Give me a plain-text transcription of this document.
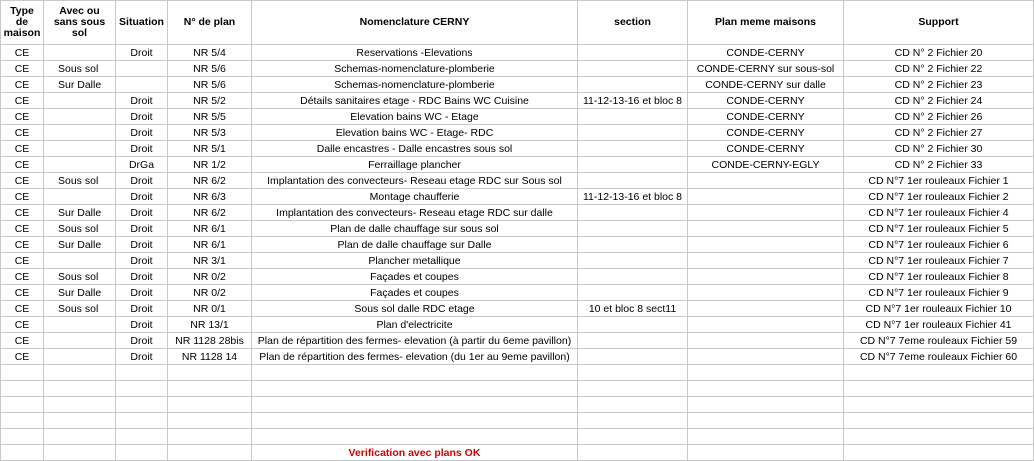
Type de maison	Avec ou sans sous sol	Situation	N° de plan	Nomenclature CERNY	section	Plan meme maisons	Support
CE		Droit	NR 5/4	Reservations -Elevations		CONDE-CERNY	CD N° 2 Fichier 20
CE	Sous sol		NR 5/6	Schemas-nomenclature-plomberie		CONDE-CERNY sur sous-sol	CD N° 2 Fichier 22
CE	Sur Dalle		NR 5/6	Schemas-nomenclature-plomberie		CONDE-CERNY sur dalle	CD N° 2 Fichier 23
CE		Droit	NR 5/2	Détails sanitaires etage - RDC Bains WC Cuisine	11-12-13-16 et bloc 8	CONDE-CERNY	CD N° 2 Fichier 24
CE		Droit	NR 5/5	Elevation bains WC - Etage		CONDE-CERNY	CD N° 2 Fichier 26
CE		Droit	NR 5/3	Elevation bains WC - Etage- RDC		CONDE-CERNY	CD N° 2 Fichier 27
CE		Droit	NR 5/1	Dalle encastres - Dalle encastres sous sol		CONDE-CERNY	CD N° 2 Fichier 30
CE		DrGa	NR 1/2	Ferraillage plancher		CONDE-CERNY-EGLY	CD N° 2 Fichier 33
CE	Sous sol	Droit	NR 6/2	Implantation des convecteurs- Reseau etage RDC sur Sous sol			CD N°7 1er rouleaux Fichier 1
CE		Droit	NR 6/3	Montage chaufferie	11-12-13-16 et bloc 8		CD N°7 1er rouleaux Fichier 2
CE	Sur Dalle	Droit	NR 6/2	Implantation des convecteurs- Reseau etage RDC sur dalle			CD N°7 1er rouleaux Fichier 4
CE	Sous sol	Droit	NR 6/1	Plan de dalle chauffage sur sous sol			CD N°7 1er rouleaux Fichier 5
CE	Sur Dalle	Droit	NR 6/1	Plan de dalle chauffage sur Dalle			CD N°7 1er rouleaux Fichier 6
CE		Droit	NR 3/1	Plancher metallique			CD N°7 1er rouleaux Fichier 7
CE	Sous sol	Droit	NR 0/2	Façades et coupes			CD N°7 1er rouleaux Fichier 8
CE	Sur Dalle	Droit	NR 0/2	Façades et coupes			CD N°7 1er rouleaux Fichier 9
CE	Sous sol	Droit	NR 0/1	Sous sol dalle RDC etage	10 et bloc 8 sect11		CD N°7 1er rouleaux Fichier 10
CE		Droit	NR 13/1	Plan d'electricite			CD N°7 1er rouleaux Fichier 41
CE		Droit	NR 1128 28bis	Plan de répartition des fermes- elevation (à partir du 6eme pavillon)			CD N°7 7eme rouleaux Fichier 59
CE		Droit	NR 1128 14	Plan de répartition des fermes- elevation (du 1er au 9eme pavillon)			CD N°7 7eme rouleaux Fichier 60

				Verification avec plans OK			
